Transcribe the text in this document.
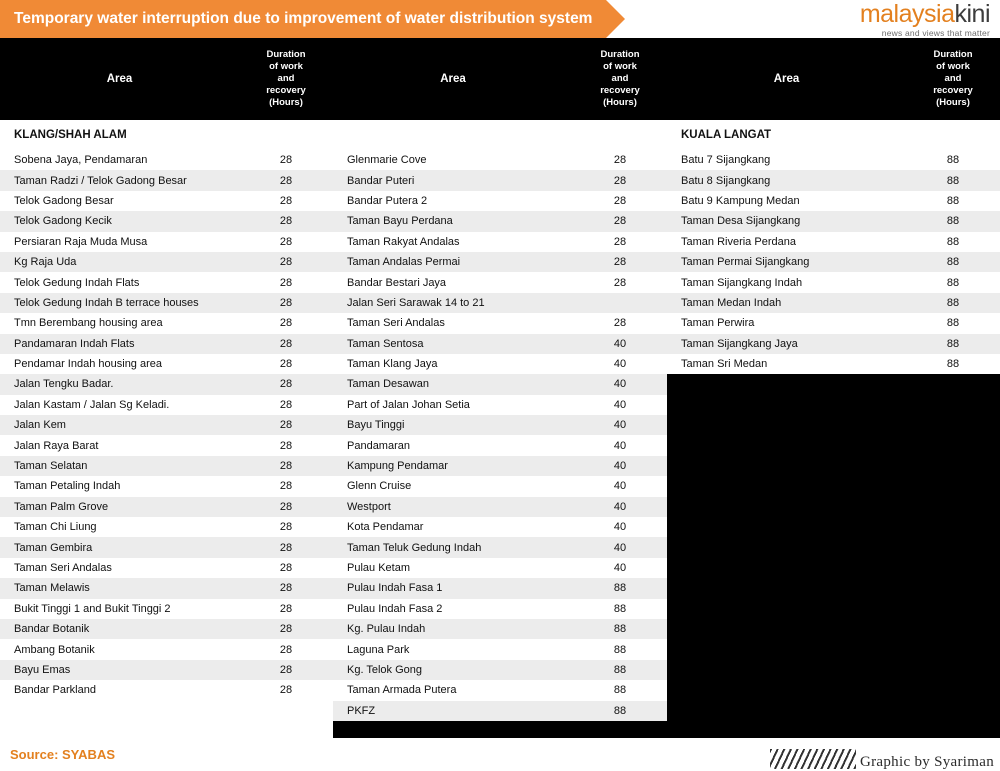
Temporary water interruption due to improvement of water distribution system	malaysiakini
news and views that matter
Area
Duration
of work
and
recovery
(Hours)
KLANG/SHAH ALAM
Sobena Jaya, Pendamaran	28
Taman Radzi / Telok Gadong Besar	28
Telok Gadong Besar	28
Telok Gadong Kecik	28
Persiaran Raja Muda Musa	28
Kg Raja Uda	28
Telok Gedung Indah Flats	28
Telok Gedung Indah B terrace houses	28
Tmn Berembang housing area	28
Pandamaran Indah Flats	28
Pendamar Indah housing area	28
Jalan Tengku Badar.	28
Jalan Kastam / Jalan Sg Keladi.	28
Jalan Kem	28
Jalan Raya Barat	28
Taman Selatan	28
Taman Petaling Indah	28
Taman Palm Grove	28
Taman Chi Liung	28
Taman Gembira	28
Taman Seri Andalas	28
Taman Melawis	28
Bukit Tinggi 1 and Bukit Tinggi 2	28
Bandar Botanik	28
Ambang Botanik	28
Bayu Emas	28
Bandar Parkland	28
Area
Duration
of work
and
recovery
(Hours)
Glenmarie Cove	28
Bandar Puteri	28
Bandar Putera 2	28
Taman Bayu Perdana	28
Taman Rakyat Andalas	28
Taman Andalas Permai	28
Bandar Bestari Jaya	28
Jalan Seri Sarawak 14 to 21
Taman Seri Andalas	28
Taman Sentosa	40
Taman Klang Jaya	40
Taman Desawan	40
Part of Jalan Johan Setia	40
Bayu Tinggi	40
Pandamaran	40
Kampung Pendamar	40
Glenn Cruise	40
Westport	40
Kota Pendamar	40
Taman Teluk Gedung Indah	40
Pulau Ketam	40
Pulau Indah Fasa 1	88
Pulau Indah Fasa 2	88
Kg. Pulau Indah	88
Laguna Park	88
Kg. Telok Gong	88
Taman Armada Putera	88
PKFZ	88
Area
Duration
of work
and
recovery
(Hours)
KUALA LANGAT
Batu 7 Sijangkang	88
Batu 8 Sijangkang	88
Batu 9 Kampung Medan	88
Taman Desa Sijangkang	88
Taman Riveria Perdana	88
Taman Permai Sijangkang	88
Taman Sijangkang Indah	88
Taman Medan Indah	88
Taman Perwira	88
Taman Sijangkang Jaya	88
Taman Sri Medan	88
Source: SYABAS	Graphic by Syariman
